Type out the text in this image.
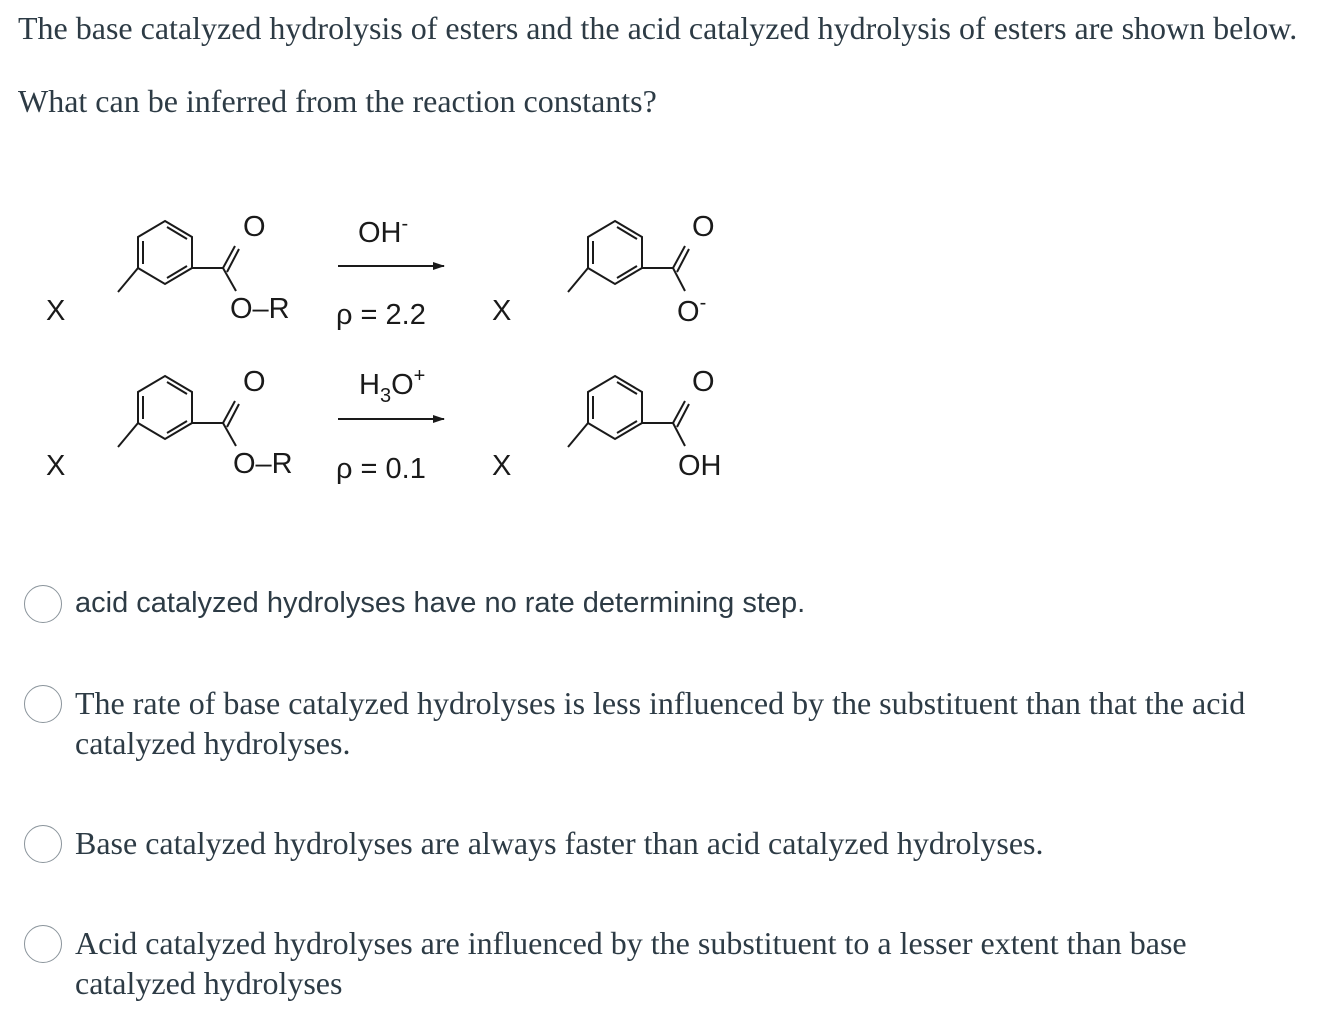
The base catalyzed hydrolysis of esters and the acid catalyzed hydrolysis of esters are shown below.

What can be inferred from the reaction constants?

O
O–R
X
OH-
ρ = 2.2
O
O-
X
O
O–R
X
$H_3O^+$
ρ = 0.1
O
OH
X
acid catalyzed hydrolyses have no rate determining step.
The rate of base catalyzed hydrolyses is less influenced by the substituent than that the acid catalyzed hydrolyses.
Base catalyzed hydrolyses are always faster than acid catalyzed hydrolyses.
Acid catalyzed hydrolyses are influenced by the substituent to a lesser extent than base catalyzed hydrolyses
